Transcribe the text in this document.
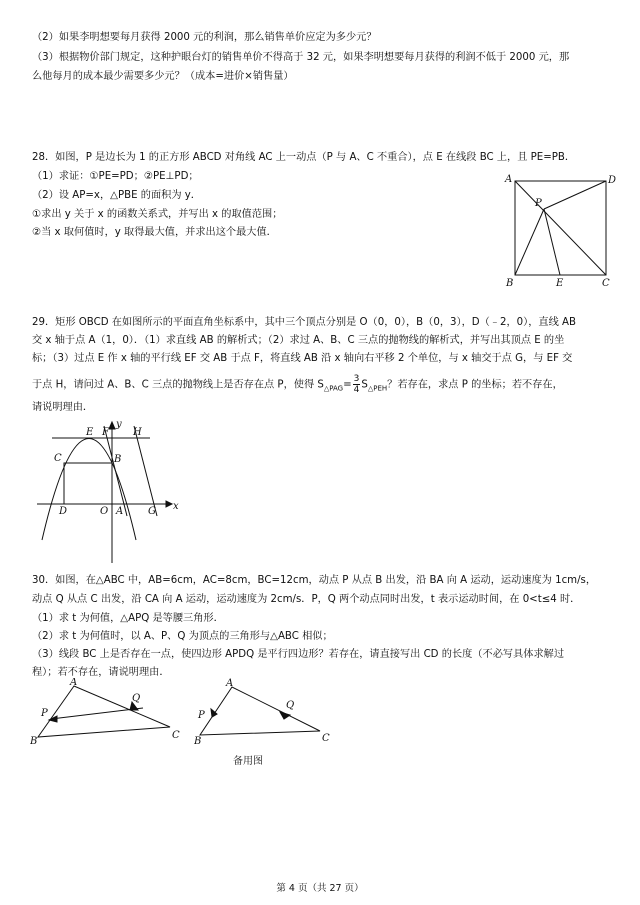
（2）如果李明想要每月获得 2000 元的利润，那么销售单价应定为多少元？
（3）根据物价部门规定，这种护眼台灯的销售单价不得高于 32 元，如果李明想要每月获得的利润不低于 2000 元，那
么他每月的成本最少需要多少元？（成本=进价×销售量）
28．如图，P 是边长为 1 的正方形 ABCD 对角线 AC 上一动点（P 与 A、C 不重合），点 E 在线段 BC 上，且 PE=PB．
（1）求证：①PE=PD；②PE⊥PD；
（2）设 AP=x，△PBE 的面积为 y．
①求出 y 关于 x 的函数关系式，并写出 x 的取值范围；
②当 x 取何值时，y 取得最大值，并求出这个最大值．
A	D
P
B	E	C
29．矩形 OBCD 在如图所示的平面直角坐标系中，其中三个顶点分别是 O（0，0），B（0，3），D（﹣2，0），直线 AB
交 x 轴于点 A（1，0）．（1）求直线 AB 的解析式；（2）求过 A、B、C 三点的抛物线的解析式，并写出其顶点 E 的坐
标；（3）过点 E 作 x 轴的平行线 EF 交 AB 于点 F，将直线 AB 沿 x 轴向右平移 2 个单位，与 x 轴交于点 G，与 EF 交
于点 H，请问过 A、B、C 三点的抛物线上是否存在点 P，使得 $S_{\triangle PAG}= \frac{3}{4} S_{\triangle PEH}$？若存在，求点 P 的坐标；若不存在，
请说明理由．
E F
y
H
C	B
D	O A G x
30．如图，在△ABC 中，AB=6cm，AC=8cm，BC=12cm，动点 P 从点 B 出发，沿 BA 向 A 运动，运动速度为 1cm/s，
动点 Q 从点 C 出发，沿 CA 向 A 运动，运动速度为 2cm/s．P，Q 两个动点同时出发，t 表示运动时间，在 0<t≤4 时．
（1）求 t 为何值，△APQ 是等腰三角形．
（2）求 t 为何值时，以 A、P、Q 为顶点的三角形与△ABC 相似；
（3）线段 BC 上是否存在一点，使四边形 APDQ 是平行四边形？若存在，请直接写出 CD 的长度（不必写具体求解过
程）；若不存在，请说明理由．
A
P
Q
B
C
A
P
Q
B	C
备用图
第 4 页（共 27 页）
